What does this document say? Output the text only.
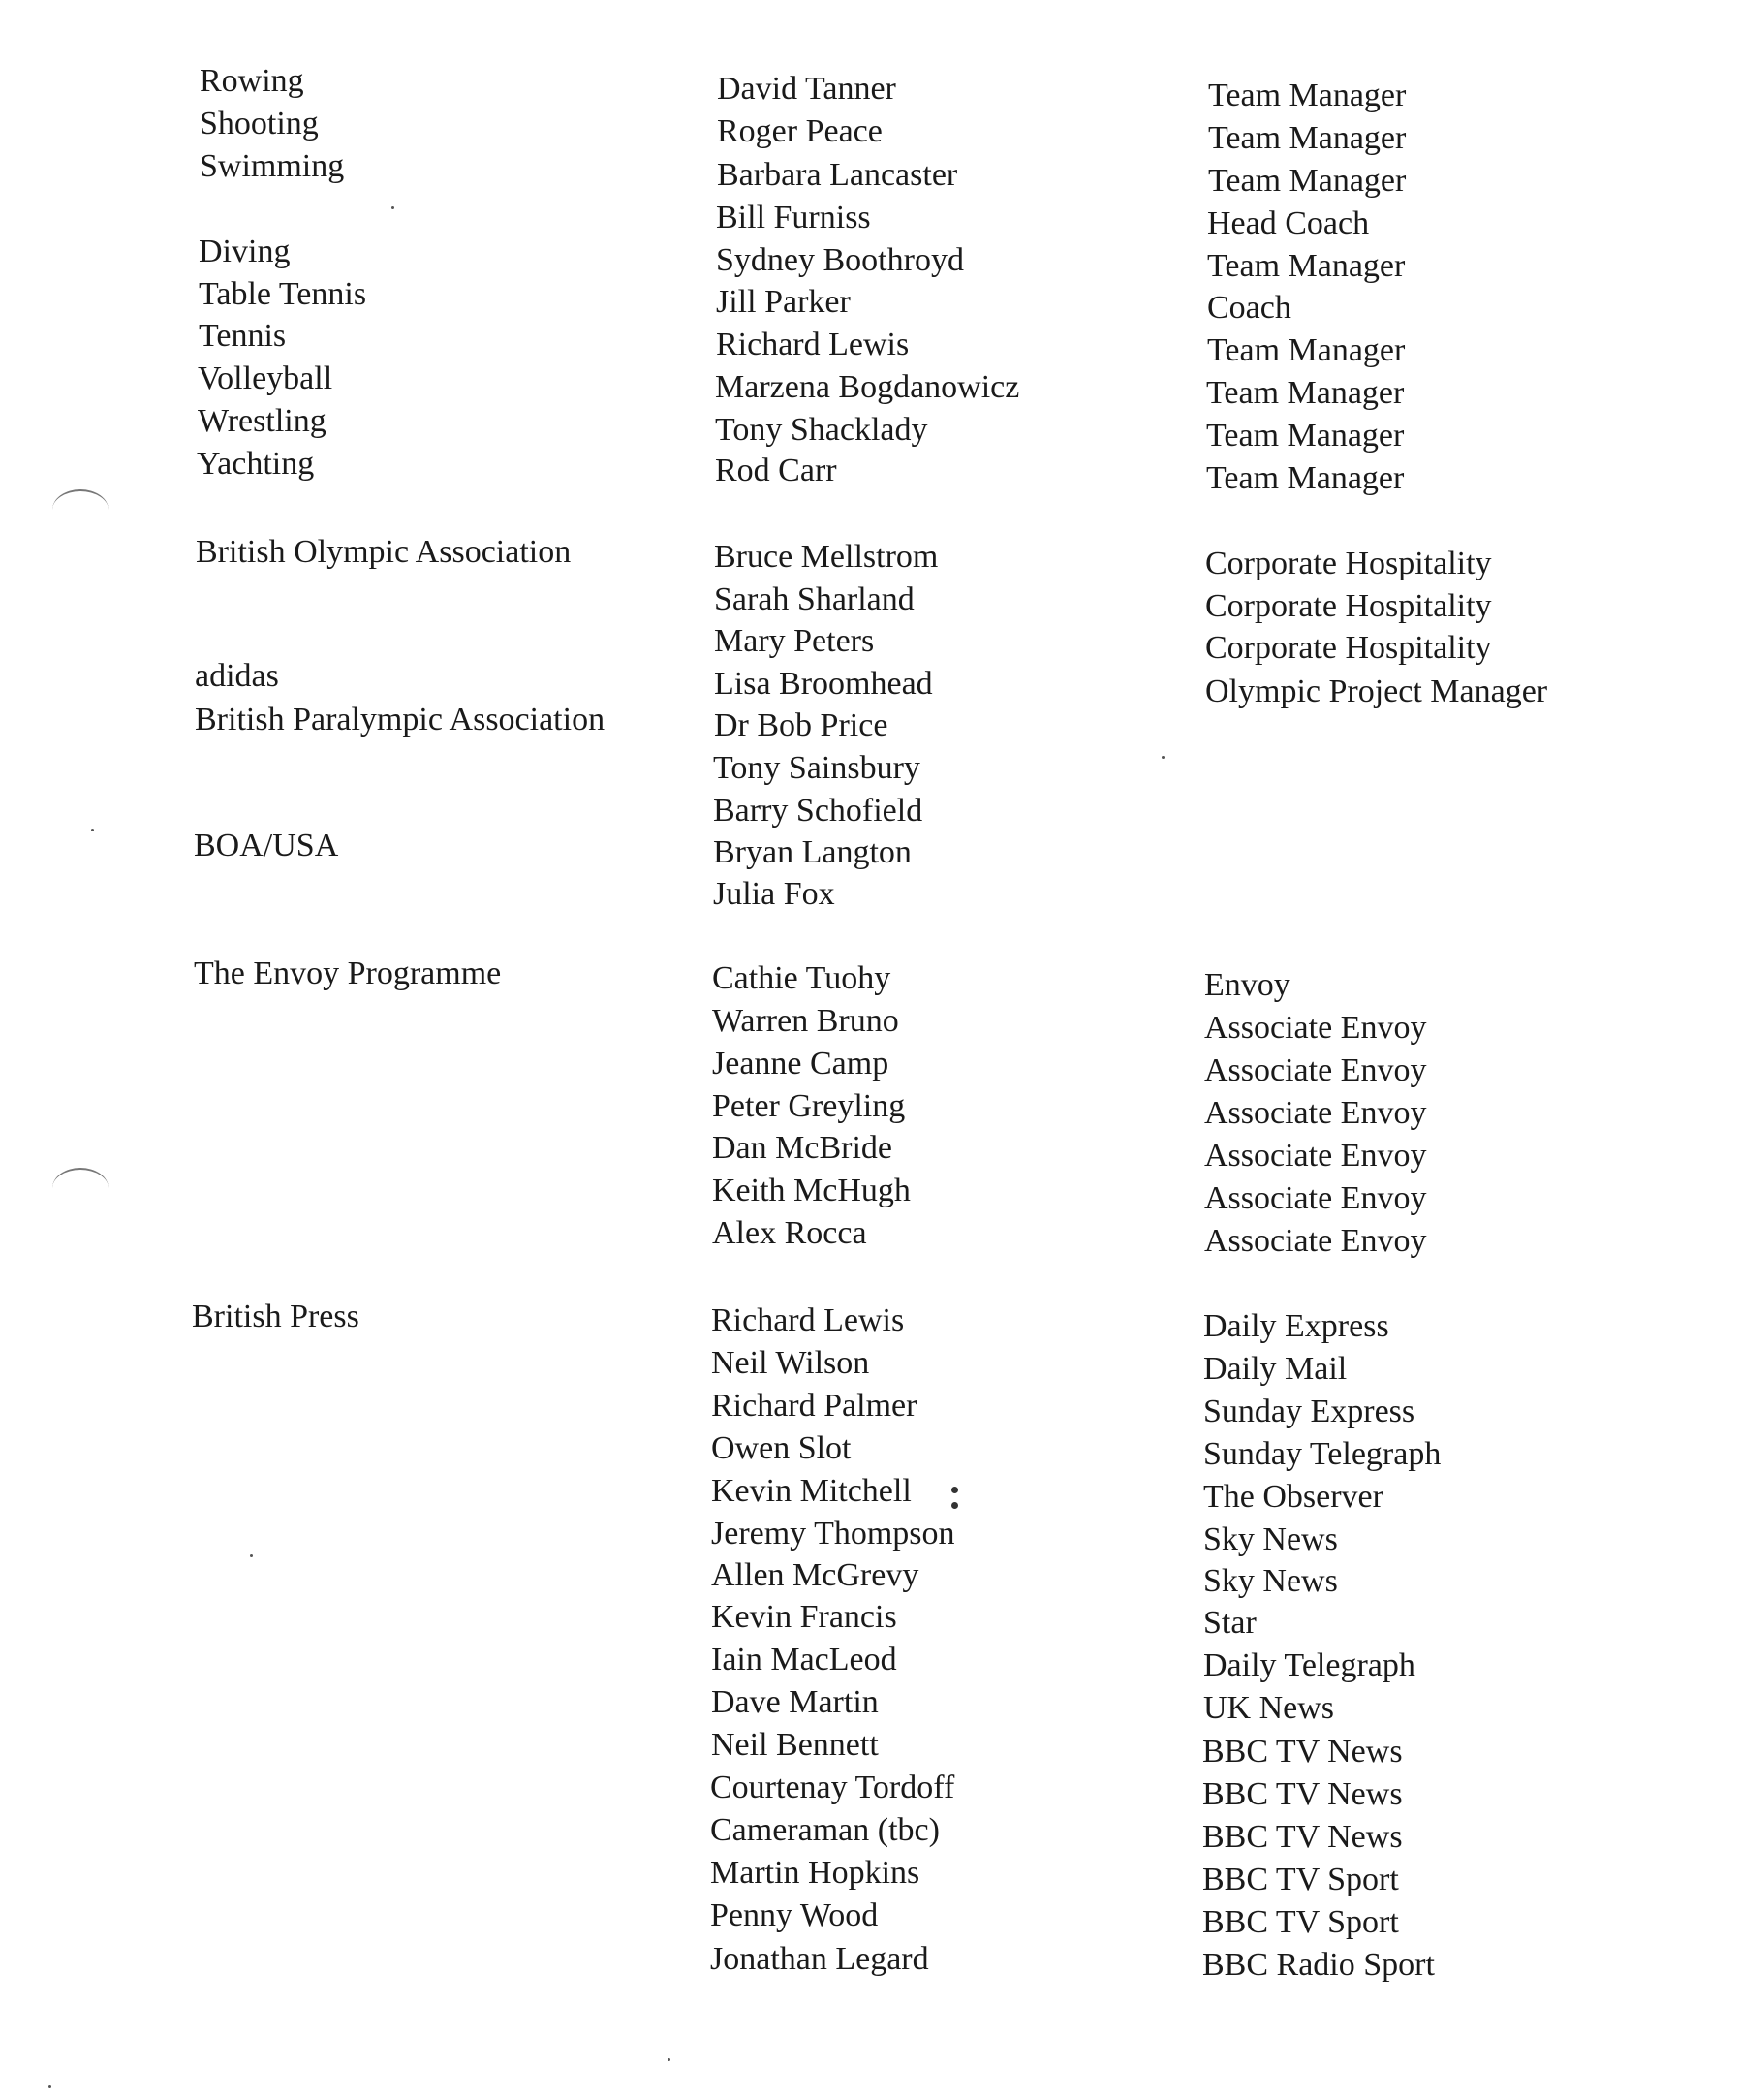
Rowing
Shooting
Swimming
Diving
Table Tennis
Tennis
Volleyball
Wrestling
Yachting
British Olympic Association
adidas
British Paralympic Association
BOA/USA
The Envoy Programme
British Press
David Tanner
Roger Peace
Barbara Lancaster
Bill Furniss
Sydney Boothroyd
Jill Parker
Richard Lewis
Marzena Bogdanowicz
Tony Shacklady
Rod Carr
Bruce Mellstrom
Sarah Sharland
Mary Peters
Lisa Broomhead
Dr Bob Price
Tony Sainsbury
Barry Schofield
Bryan Langton
Julia Fox
Cathie Tuohy
Warren Bruno
Jeanne Camp
Peter Greyling
Dan McBride
Keith McHugh
Alex Rocca
Richard Lewis
Neil Wilson
Richard Palmer
Owen Slot
Kevin Mitchell
Jeremy Thompson
Allen McGrevy
Kevin Francis
Iain MacLeod
Dave Martin
Neil Bennett
Courtenay Tordoff
Cameraman (tbc)
Martin Hopkins
Penny Wood
Jonathan Legard
Team Manager
Team Manager
Team Manager
Head Coach
Team Manager
Coach
Team Manager
Team Manager
Team Manager
Team Manager
Corporate Hospitality
Corporate Hospitality
Corporate Hospitality
Olympic Project Manager
Envoy
Associate Envoy
Associate Envoy
Associate Envoy
Associate Envoy
Associate Envoy
Associate Envoy
Daily Express
Daily Mail
Sunday Express
Sunday Telegraph
The Observer
Sky News
Sky News
Star
Daily Telegraph
UK News
BBC TV News
BBC TV News
BBC TV News
BBC TV Sport
BBC TV Sport
BBC Radio Sport
